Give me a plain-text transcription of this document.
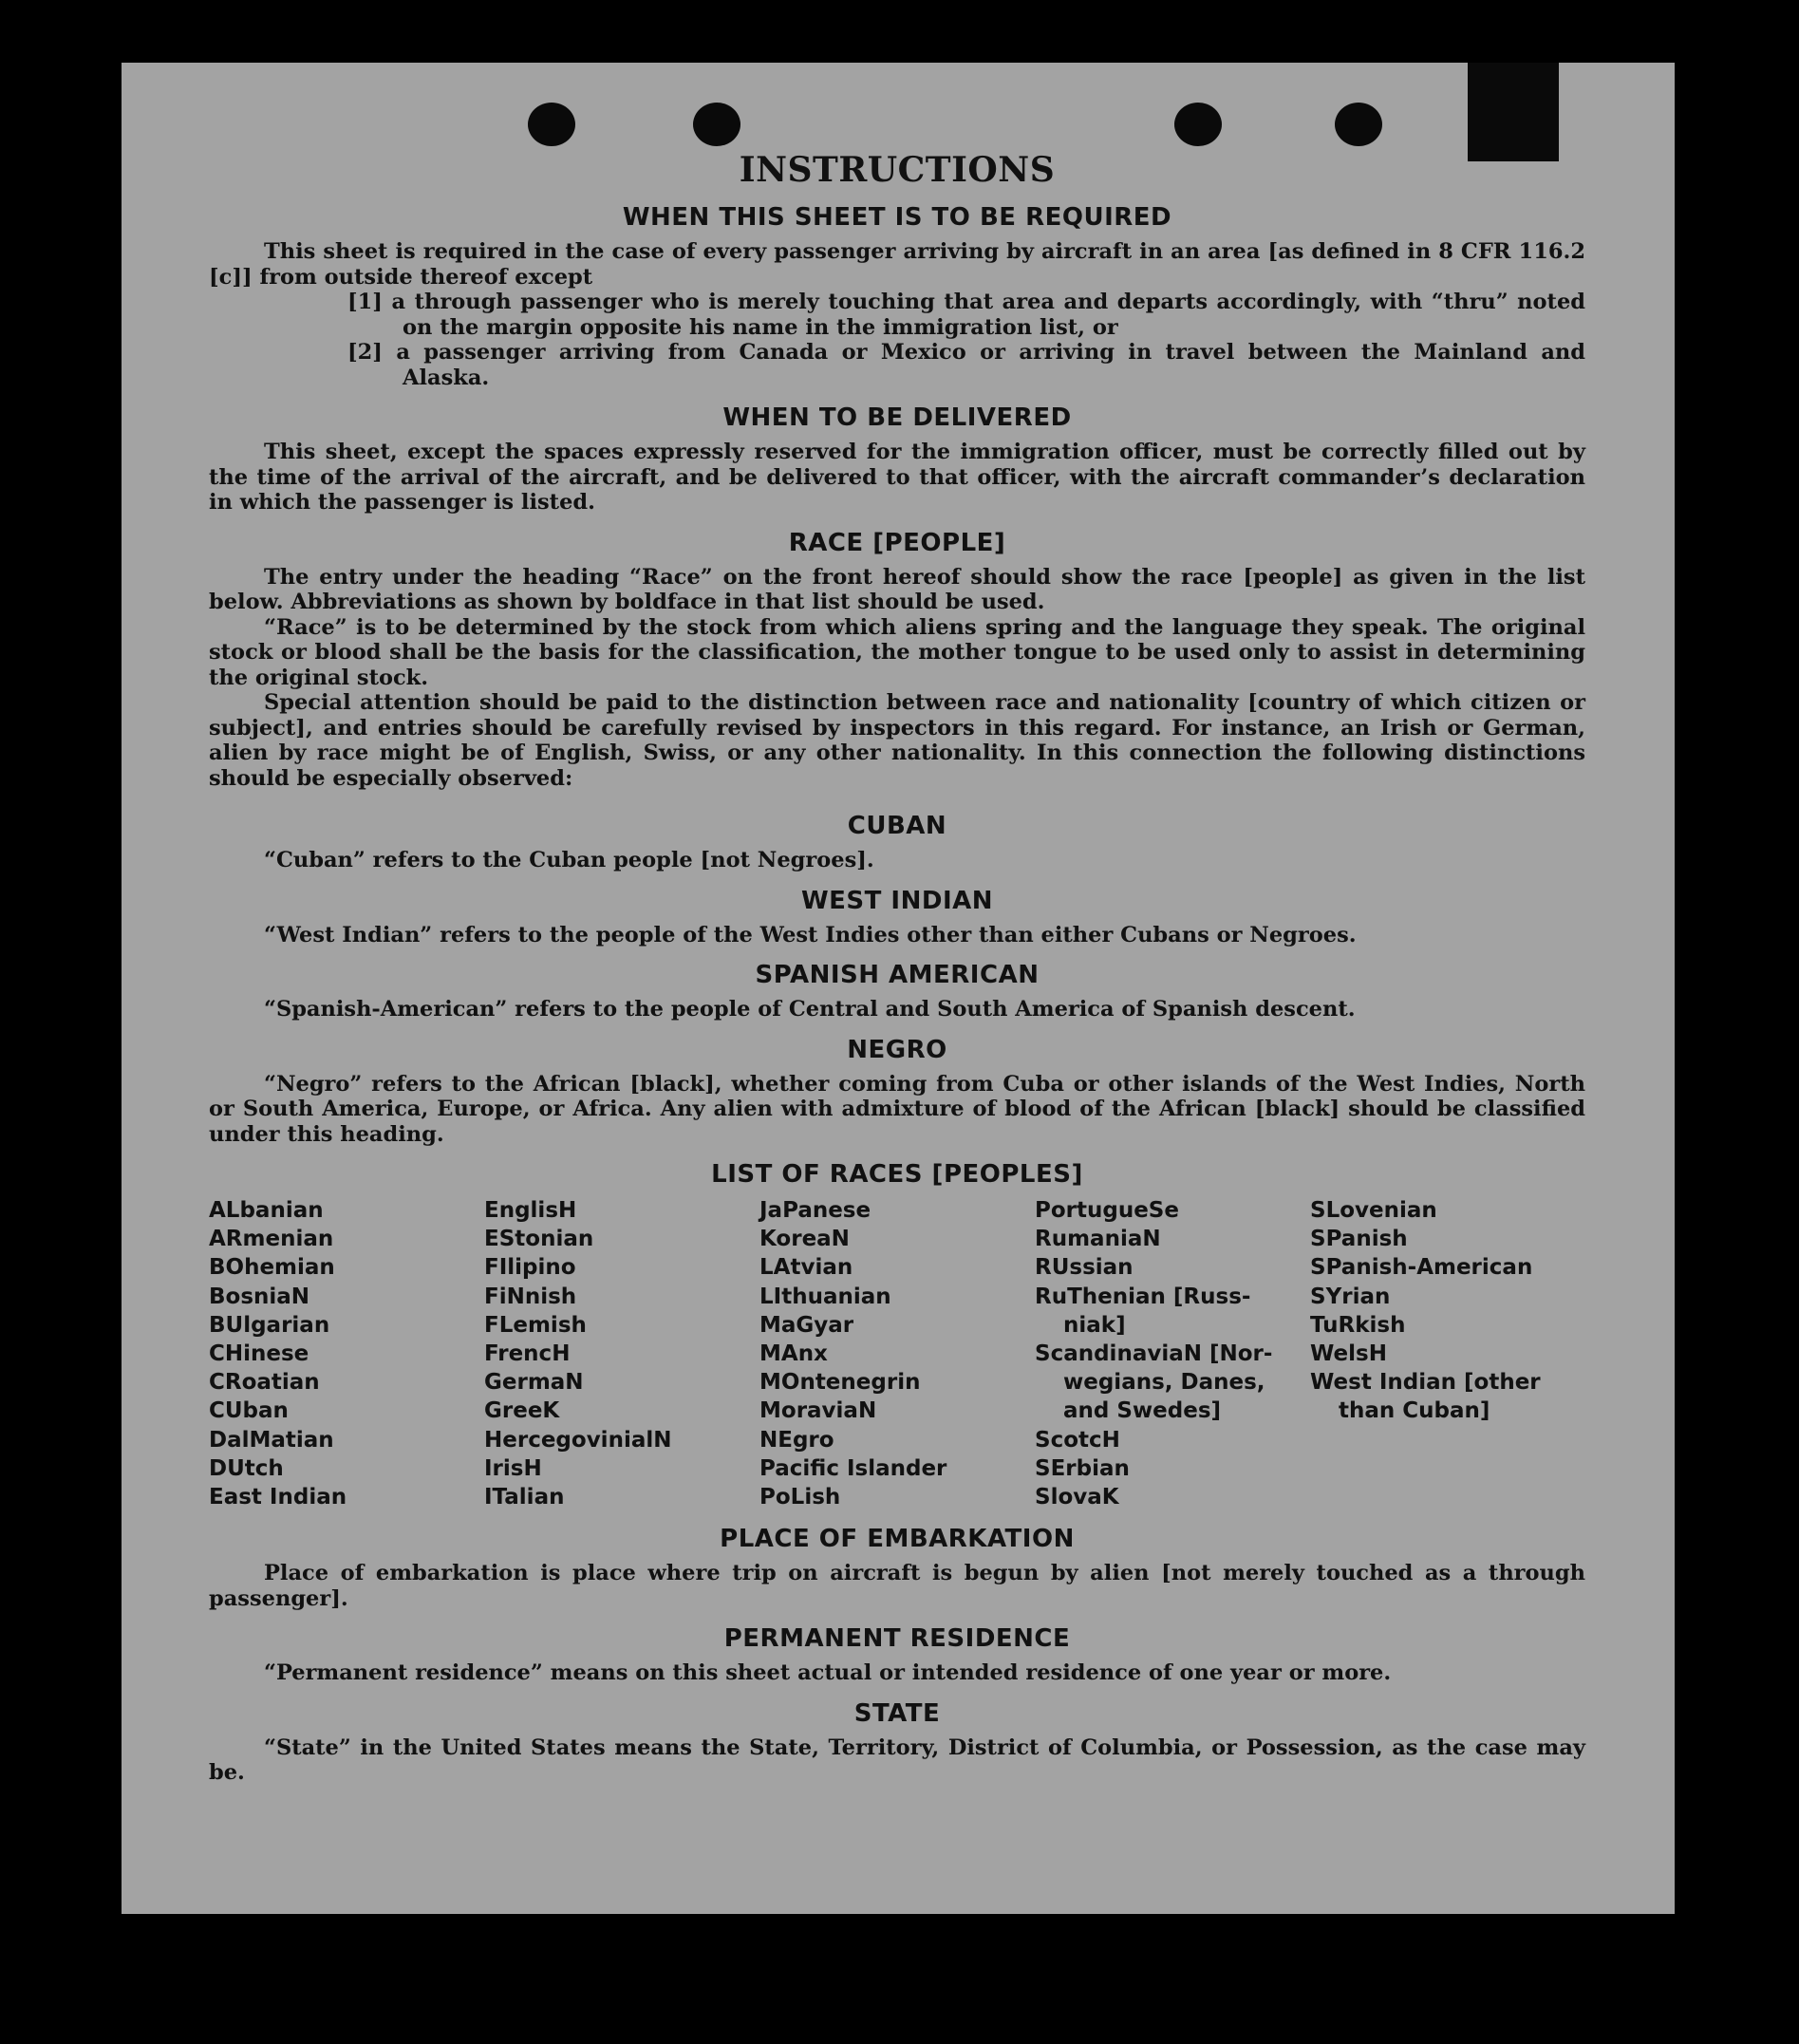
INSTRUCTIONS
WHEN THIS SHEET IS TO BE REQUIRED

This sheet is required in the case of every passenger arriving by aircraft in an area [as defined in 8 CFR 116.2 [c]] from outside thereof except

[1] a through passenger who is merely touching that area and departs accordingly, with “thru” noted on the margin opposite his name in the immigration list, or

[2] a passenger arriving from Canada or Mexico or arriving in travel between the Mainland and Alaska.

WHEN TO BE DELIVERED

This sheet, except the spaces expressly reserved for the immigration officer, must be correctly filled out by the time of the arrival of the aircraft, and be delivered to that officer, with the aircraft commander’s declaration in which the passenger is listed.

RACE [PEOPLE]

The entry under the heading “Race” on the front hereof should show the race [people] as given in the list below. Abbreviations as shown by boldface in that list should be used.

“Race” is to be determined by the stock from which aliens spring and the language they speak. The original stock or blood shall be the basis for the classification, the mother tongue to be used only to assist in determining the original stock.

Special attention should be paid to the distinction between race and nationality [country of which citizen or subject], and entries should be carefully revised by inspectors in this regard. For instance, an Irish or German, alien by race might be of English, Swiss, or any other nationality. In this connection the following distinctions should be especially observed:

CUBAN

“Cuban” refers to the Cuban people [not Negroes].

WEST INDIAN

“West Indian” refers to the people of the West Indies other than either Cubans or Negroes.

SPANISH AMERICAN

“Spanish-American” refers to the people of Central and South America of Spanish descent.

NEGRO

“Negro” refers to the African [black], whether coming from Cuba or other islands of the West Indies, North or South America, Europe, or Africa. Any alien with admixture of blood of the African [black] should be classified under this heading.

LIST OF RACES [PEOPLES]
ALbanian
ARmenian
BOhemian
BosniaN
BUlgarian
CHinese
CRoatian
CUban
DalMatian
DUtch
East Indian
EnglisH
EStonian
FIlipino
FiNnish
FLemish
FrencH
GermaN
GreeK
HercegovinialN
IrisH
ITalian
JaPanese
KoreaN
LAtvian
LIthuanian
MaGyar
MAnx
MOntenegrin
MoraviaN
NEgro
Pacific Islander
PoLish
PortugueSe
RumaniaN
RUssian
RuThenian [Russ-
niak]
ScandinaviaN [Nor-
wegians, Danes,
and Swedes]
ScotcH
SErbian
SlovaK
SLovenian
SPanish
SPanish-American
SYrian
TuRkish
WelsH
West Indian [other
than Cuban]
PLACE OF EMBARKATION

Place of embarkation is place where trip on aircraft is begun by alien [not merely touched as a through passenger].

PERMANENT RESIDENCE

“Permanent residence” means on this sheet actual or intended residence of one year or more.

STATE

“State” in the United States means the State, Territory, District of Columbia, or Possession, as the case may be.
